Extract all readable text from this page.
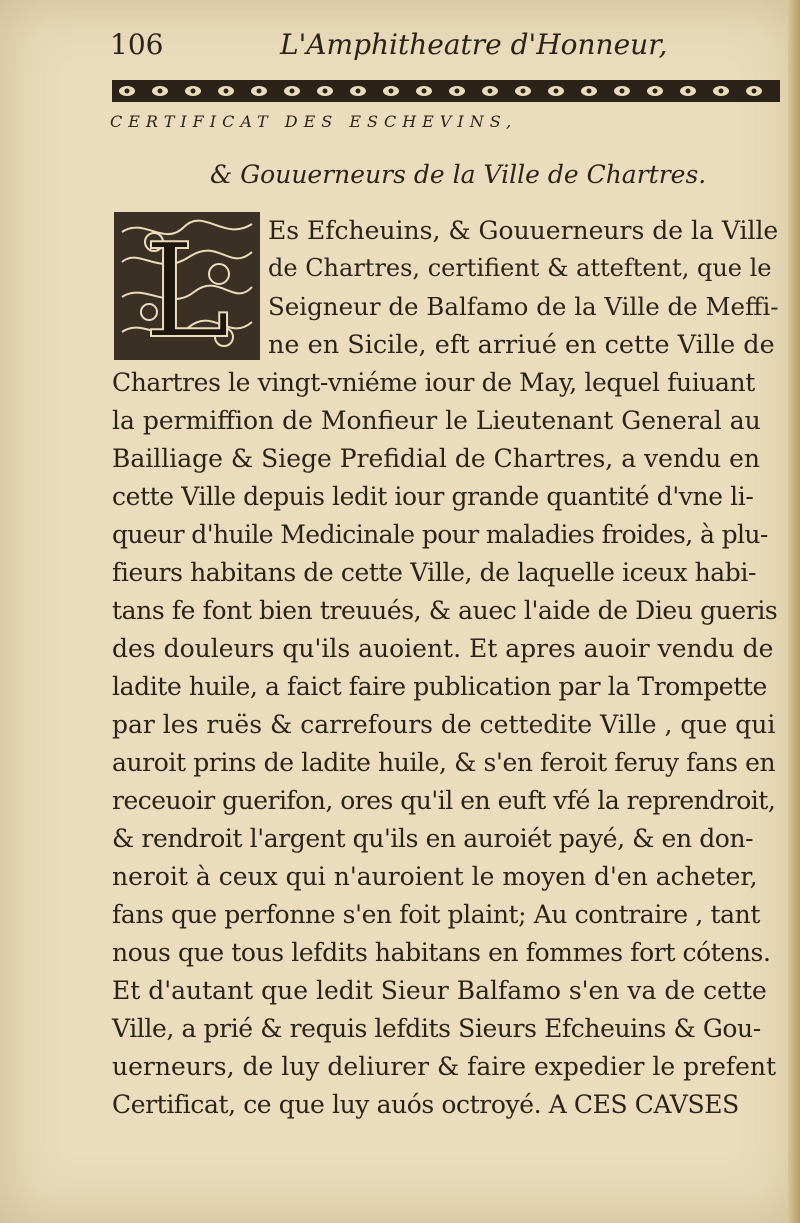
106	L'Amphitheatre d'Honneur,
CERTIFICAT DES ESCHEVINS,
& Gouuerneurs de la Ville de Chartres.
L Es Efcheuins, & Gouuerneurs de la Ville
de Chartres, certifient & atteftent, que le
Seigneur de Balfamo de la Ville de Meffi-
ne en Sicile, eft arriué en cette Ville de
Chartres le vingt-vniéme iour de May, lequel fuiuant
la permiffion de Monfieur le Lieutenant General au
Bailliage & Siege Prefidial de Chartres, a vendu en
cette Ville depuis ledit iour grande quantité d'vne li-
queur d'huile Medicinale pour maladies froides, à plu-
fieurs habitans de cette Ville, de laquelle iceux habi-
tans fe font bien treuués, & auec l'aide de Dieu gueris
des douleurs qu'ils auoient. Et apres auoir vendu de
ladite huile, a faict faire publication par la Trompette
par les ruës & carrefours de cettedite Ville , que qui
auroit prins de ladite huile, & s'en feroit feruy fans en
receuoir guerifon, ores qu'il en euft vfé la reprendroit,
& rendroit l'argent qu'ils en auroiét payé, & en don-
neroit à ceux qui n'auroient le moyen d'en acheter,
fans que perfonne s'en foit plaint; Au contraire , tant
nous que tous lefdits habitans en fommes fort cótens.
Et d'autant que ledit Sieur Balfamo s'en va de cette
Ville, a prié & requis lefdits Sieurs Efcheuins & Gou-
uerneurs, de luy deliurer & faire expedier le prefent
Certificat, ce que luy auós octroyé. A CES CAVSES
